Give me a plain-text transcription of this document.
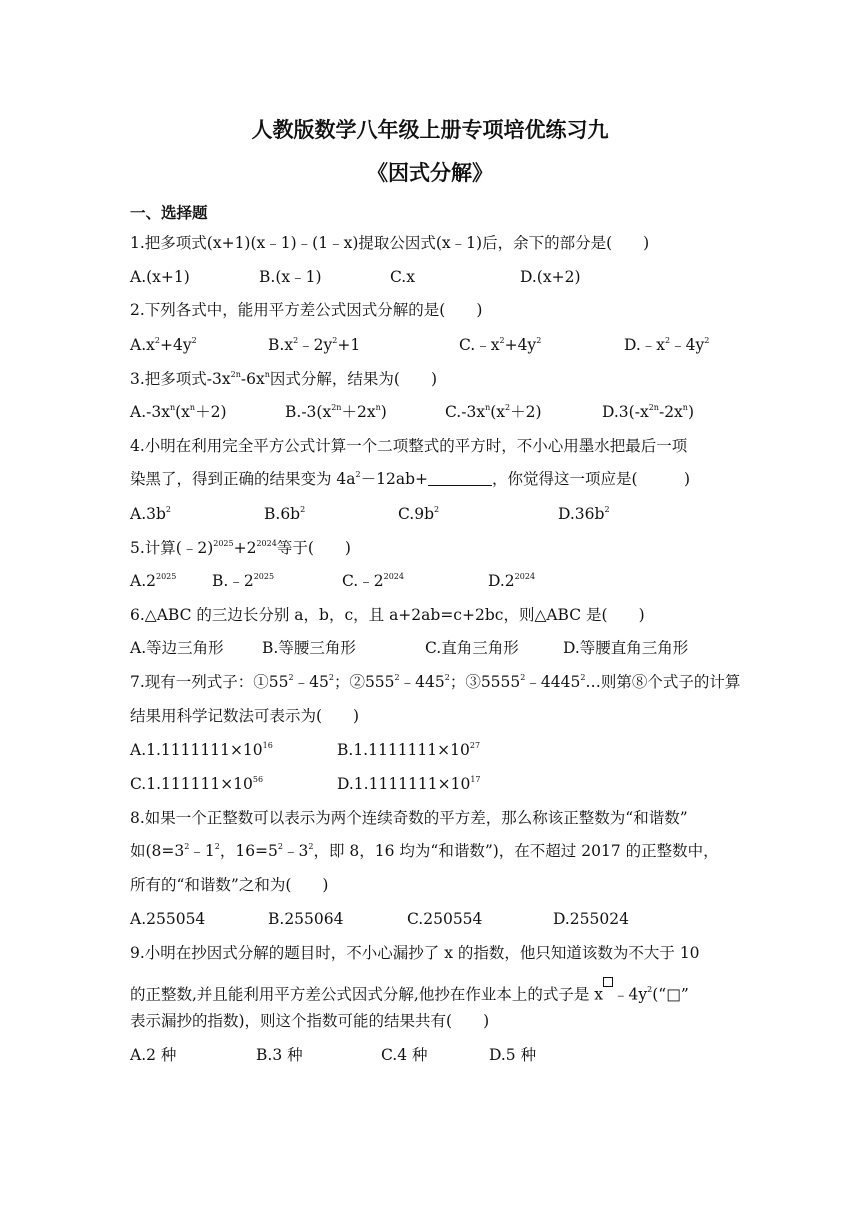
人教版数学八年级上册专项培优练习九
《因式分解》
一、选择题
1.把多项式(x+1)(x﹣1)﹣(1﹣x)提取公因式(x﹣1)后，余下的部分是(　　)
A.(x+1)	B.(x﹣1)	C.x	D.(x+2)
2.下列各式中，能用平方差公式因式分解的是(　　)
$A.x^2+4y^2$	$B.x^2﹣2y^2+1$	$C.﹣x^2+4y^2$	$D.﹣x^2﹣4y^2$
3.把多项式$-3x^{2n}-6x^n$因式分解，结果为(　　)
$A.-3x^n(x^n+2)$	$B.-3(x^{2n}+2x^n)$	$C.-3x^n(x^2+2)$	$D.3(-x^{2n}-2x^n)$
4.小明在利用完全平方公式计算一个二项整式的平方时，不小心用墨水把最后一项
染黑了，得到正确的结果变为 $4a^2-12ab+$	，你觉得这一项应是(　　　)
$A.3b^2$	$B.6b^2$	$C.9b^2$	$D.36b^2$
5.计算$(﹣2)^{2025}+2^{2024}$等于(　　)
$A.2^{2025}$ $B.﹣2^{2025}$	$C.﹣2^{2024}$	$D.2^{2024}$
6.△ABC 的三边长分别 a，b，c，且 a+2ab=c+2bc，则△ABC 是(　　)
A.等边三角形 B.等腰三角形	C.直角三角形	D.等腰直角三角形
7.现有一列式子：$①55^2﹣45^2$；$②555^2﹣445^2$；③5555$^2$﹣4445$^2$…则第⑧个式子的计算
结果用科学记数法可表示为(　　)
$A.1.1111111\times 10^{16}$	$B.1.1111111\times 10^{27}$
$C.1.111111\times 10^{56}$	$D.1.1111111\times 10^{17}$
8.如果一个正整数可以表示为两个连续奇数的平方差，那么称该正整数为“和谐数”
如($8=3^2﹣1^2$，$16=5^2﹣3^2$，即 8，16 均为“和谐数”)，在不超过 2017 的正整数中，
所有的“和谐数”之和为(　　)
A.255054	B.255064	C.250554	D.255024
9.小明在抄因式分解的题目时，不小心漏抄了 x 的指数，他只知道该数为不大于 10
的正整数,并且能利用平方差公式因式分解,他抄在作业本上的式子是 x $﹣4y^2(“□$”
表示漏抄的指数)，则这个指数可能的结果共有(　　)
A.2 种	B.3 种	C.4 种	D.5 种
